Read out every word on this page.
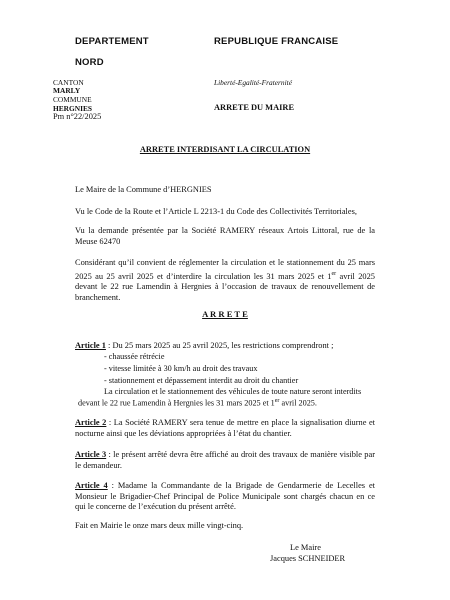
DEPARTEMENT	REPUBLIQUE FRANCAISE
NORD
CANTON
MARLY
COMMUNE
HERGNIES
Pm n°22/2025
Liberté-Egalité-Fraternité
ARRETE DU MAIRE
ARRETE INTERDISANT LA CIRCULATION
Le Maire de la Commune d’HERGNIES
Vu le Code de la Route et l’Article L 2213-1 du Code des Collectivités Territoriales,
Vu la demande présentée par la Société RAMERY réseaux Artois Littoral, rue de la Meuse 62470
Considérant qu’il convient de réglementer la circulation et le stationnement du 25 mars 2025 au 25 avril 2025 et d’interdire la circulation les 31 mars 2025 et 1er avril 2025 devant le 22 rue Lamendin à Hergnies à l’occasion de travaux de renouvellement de branchement.
A R R E T E
Article 1 : Du 25 mars 2025 au 25 avril 2025, les restrictions comprendront ;
- chaussée rétrécie
- vitesse limitée à 30 km/h au droit des travaux
- stationnement et dépassement interdit au droit du chantier
La circulation et le stationnement des véhicules de toute nature seront interdits
devant le 22 rue Lamendin à Hergnies les 31 mars 2025 et 1er avril 2025.
Article 2 : La Société RAMERY sera tenue de mettre en place la signalisation diurne et nocturne ainsi que les déviations appropriées à l’état du chantier.
Article 3 : le présent arrêté devra être affiché au droit des travaux de manière visible par le demandeur.
Article 4 : Madame la Commandante de la Brigade de Gendarmerie de Lecelles et Monsieur le Brigadier-Chef Principal de Police Municipale sont chargés chacun en ce qui le concerne de l’exécution du présent arrêté.
Fait en Mairie le onze mars deux mille vingt-cinq.
Le Maire
Jacques SCHNEIDER
